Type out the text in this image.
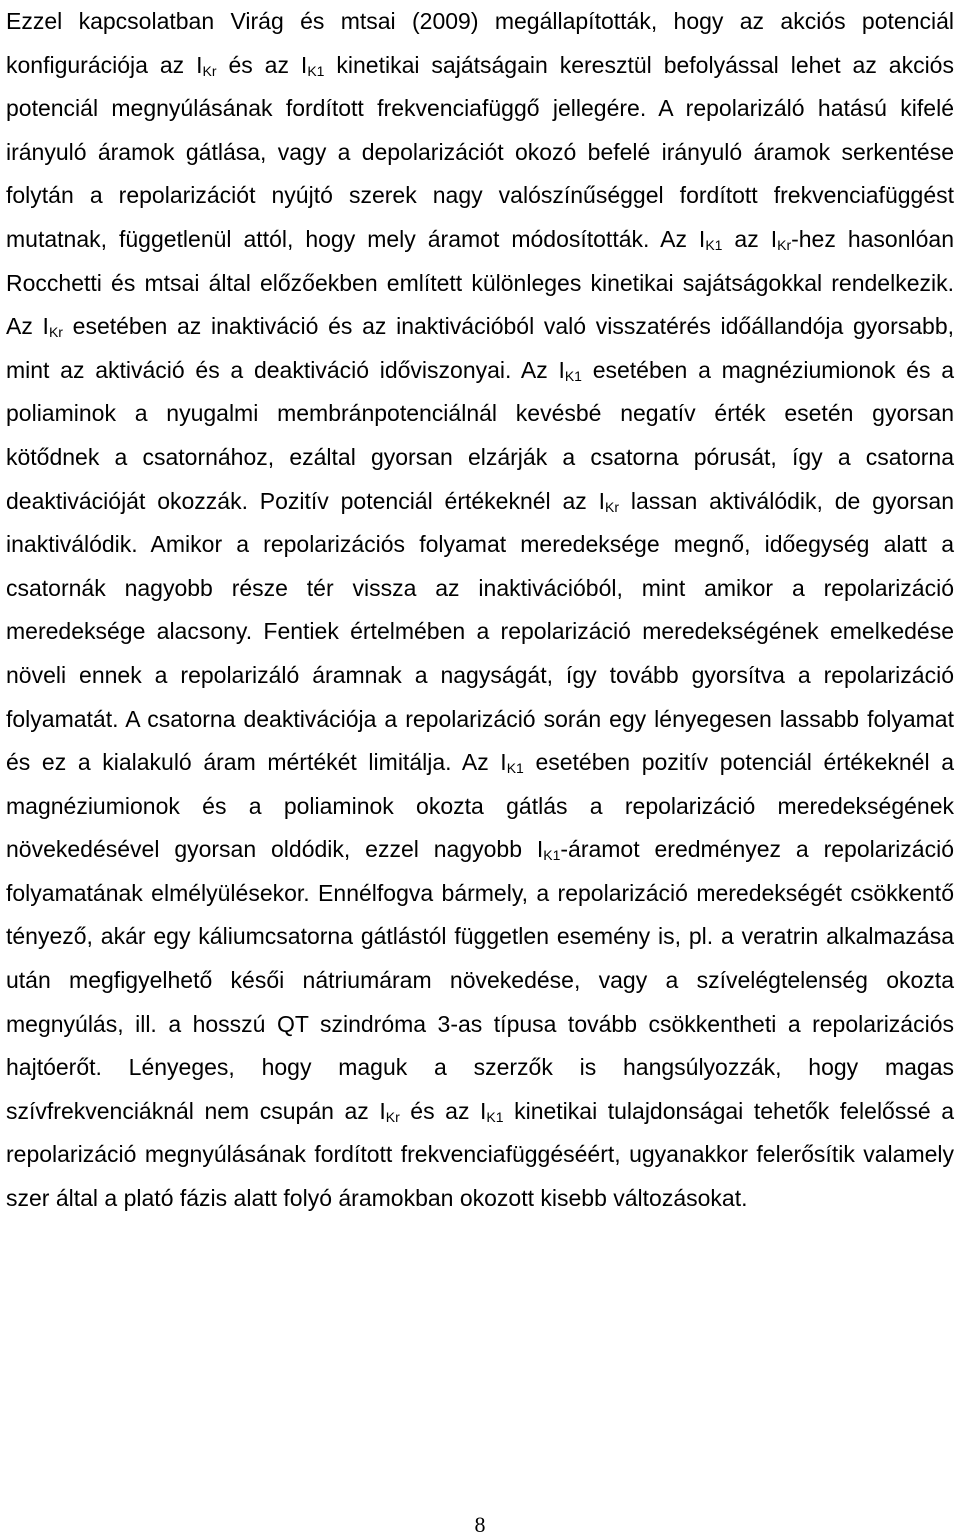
Ezzel kapcsolatban Virág és mtsai (2009) megállapították, hogy az akciós potenciál konfigurációja az $I_{Kr}$ és az $I_{K1}$ kinetikai sajátságain keresztül befolyással lehet az akciós potenciál megnyúlásának fordított frekvenciafüggő jellegére. A repolarizáló hatású kifelé irányuló áramok gátlása, vagy a depolarizációt okozó befelé irányuló áramok serkentése folytán a repolarizációt nyújtó szerek nagy valószínűséggel fordított frekvenciafüggést mutatnak, függetlenül attól, hogy mely áramot módosították. Az $I_{K1}$ az $I_{Kr}$-hez hasonlóan Rocchetti és mtsai által előzőekben említett különleges kinetikai sajátságokkal rendelkezik. Az $I_{Kr}$ esetében az inaktiváció és az inaktivációból való visszatérés időállandója gyorsabb, mint az aktiváció és a deaktiváció időviszonyai. Az $I_{K1}$ esetében a magnéziumionok és a poliaminok a nyugalmi membránpotenciálnál kevésbé negatív érték esetén gyorsan kötődnek a csatornához, ezáltal gyorsan elzárják a csatorna pórusát, így a csatorna deaktivációját okozzák. Pozitív potenciál értékeknél az $I_{Kr}$ lassan aktiválódik, de gyorsan inaktiválódik. Amikor a repolarizációs folyamat meredeksége megnő, időegység alatt a csatornák nagyobb része tér vissza az inaktivációból, mint amikor a repolarizáció meredeksége alacsony. Fentiek értelmében a repolarizáció meredekségének emelkedése növeli ennek a repolarizáló áramnak a nagyságát, így tovább gyorsítva a repolarizáció folyamatát. A csatorna deaktivációja a repolarizáció során egy lényegesen lassabb folyamat és ez a kialakuló áram mértékét limitálja. Az $I_{K1}$ esetében pozitív potenciál értékeknél a magnéziumionok és a poliaminok okozta gátlás a repolarizáció meredekségének növekedésével gyorsan oldódik, ezzel nagyobb $I_{K1}$-áramot eredményez a repolarizáció folyamatának elmélyülésekor. Ennélfogva bármely, a repolarizáció meredekségét csökkentő tényező, akár egy káliumcsatorna gátlástól független esemény is, pl. a veratrin alkalmazása után megfigyelhető késői nátriumáram növekedése, vagy a szívelégtelenség okozta megnyúlás, ill. a hosszú QT szindróma 3-as típusa tovább csökkentheti a repolarizációs hajtóerőt. Lényeges, hogy maguk a szerzők is hangsúlyozzák, hogy magas szívfrekvenciáknál nem csupán az $I_{Kr}$ és az $I_{K1}$ kinetikai tulajdonságai tehetők felelőssé a repolarizáció megnyúlásának fordított frekvenciafüggéséért, ugyanakkor felerősítik valamely szer által a plató fázis alatt folyó áramokban okozott kisebb változásokat.

8
